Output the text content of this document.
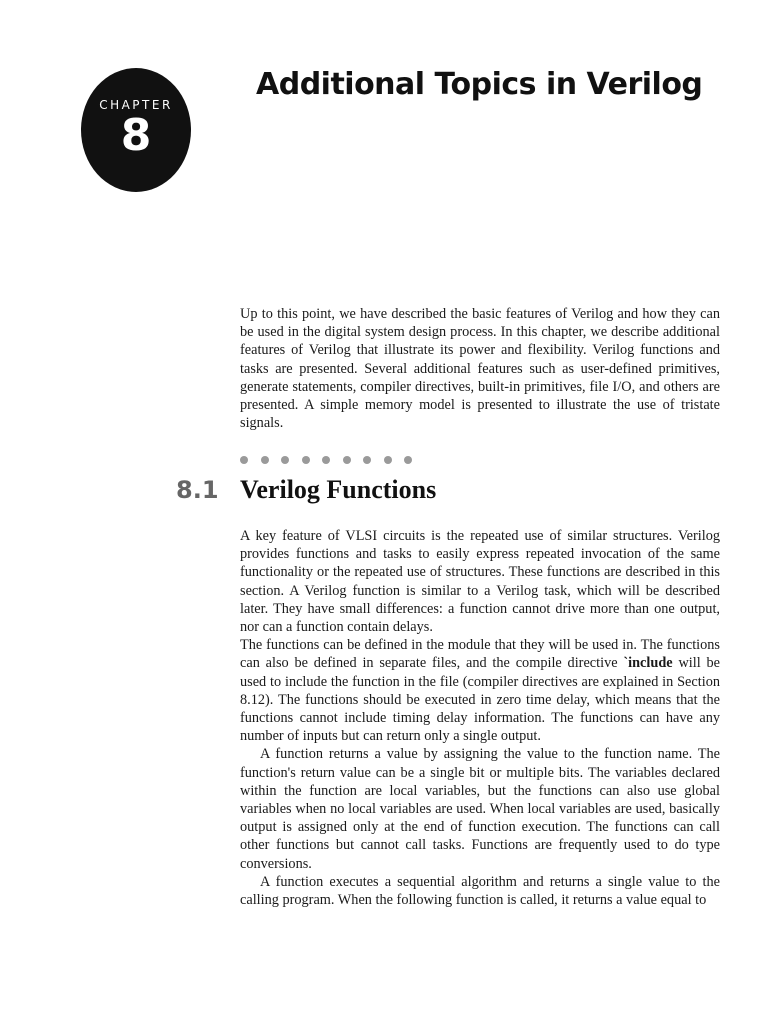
CHAPTER
8
Additional Topics in Verilog

Up to this point, we have described the basic features of Verilog and how they can be used in the digital system design process. In this chapter, we describe additional features of Verilog that illustrate its power and flexibility. Verilog functions and tasks are presented. Several additional features such as user-defined primitives, generate statements, compiler directives, built-in primitives, file I/O, and others are presented. A simple memory model is presented to illustrate the use of tristate signals.

8.1 Verilog Functions

A key feature of VLSI circuits is the repeated use of similar structures. Verilog provides functions and tasks to easily express repeated invocation of the same functionality or the repeated use of structures. These functions are described in this section. A Verilog function is similar to a Verilog task, which will be described later. They have small differences: a function cannot drive more than one output, nor can a function contain delays.

The functions can be defined in the module that they will be used in. The functions can also be defined in separate files, and the compile directive `include will be used to include the function in the file (compiler directives are explained in Section 8.12). The functions should be executed in zero time delay, which means that the functions cannot include timing delay information. The functions can have any number of inputs but can return only a single output.

A function returns a value by assigning the value to the function name. The function's return value can be a single bit or multiple bits. The variables declared within the function are local variables, but the functions can also use global variables when no local variables are used. When local variables are used, basically output is assigned only at the end of function execution. The functions can call other functions but cannot call tasks. Functions are frequently used to do type conversions.

A function executes a sequential algorithm and returns a single value to the calling program. When the following function is called, it returns a value equal to
